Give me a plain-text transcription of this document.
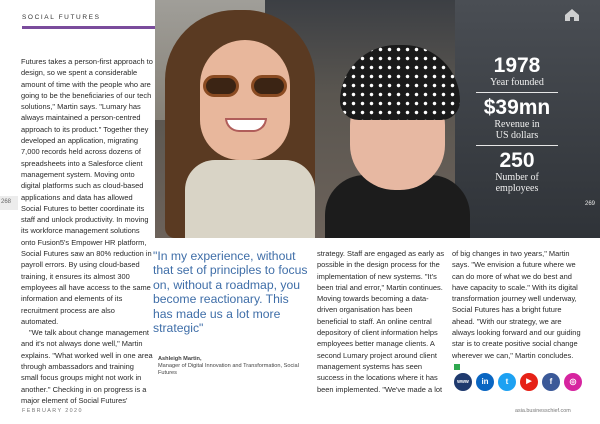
SOCIAL FUTURES
1978
Year founded
$39mn
Revenue in US dollars
250
Number of employees

Futures takes a person-first approach to design, so we spent a considerable amount of time with the people who are going to be the beneficiaries of our tech solutions," Martin says. "Lumary has always maintained a person-centred approach to its product." Together they developed an application, migrating 7,000 records held across dozens of spreadsheets into a Salesforce client management system. Moving onto digital platforms such as cloud-based applications and data has allowed Social Futures to better coordinate its staff and unlock productivity. In moving its workforce management solutions onto Fusion5's Empower HR platform, Social Futures saw an 80% reduction in payroll errors. By using cloud-based training, it ensures its almost 300 employees all have access to the same information and elements of its recruitment process are also automated.

"We talk about change management and it's not always done well," Martin explains. "What worked well in one area through ambassadors and training small focus groups might not work in another." Checking in on progress is a major element of Social Futures'

268	269
"In my experience, without that set of principles to focus on, without a roadmap, you become reactionary. This has made us a lot more strategic"
Ashleigh Martin,
Manager of Digital Innovation and Transformation, Social Futures
strategy. Staff are engaged as early as possible in the design process for the implementation of new systems. "It's been trial and error," Martin continues. Moving towards becoming a data-driven organisation has been beneficial to staff. An online central depository of client information helps employees better manage clients. A second Lumary project around client management systems has seen success in the locations where it has been implemented. "We've made a lot
of big changes in two years," Martin says. "We envision a future where we can do more of what we do best and have capacity to scale." With its digital transformation journey well underway, Social Futures has a bright future ahead. "With our strategy, we are always looking forward and our guiding star is to create positive social change wherever we can," Martin concludes.
www	in	t	▶	f	◎
FEBRUARY 2020	asia.businesschief.com
